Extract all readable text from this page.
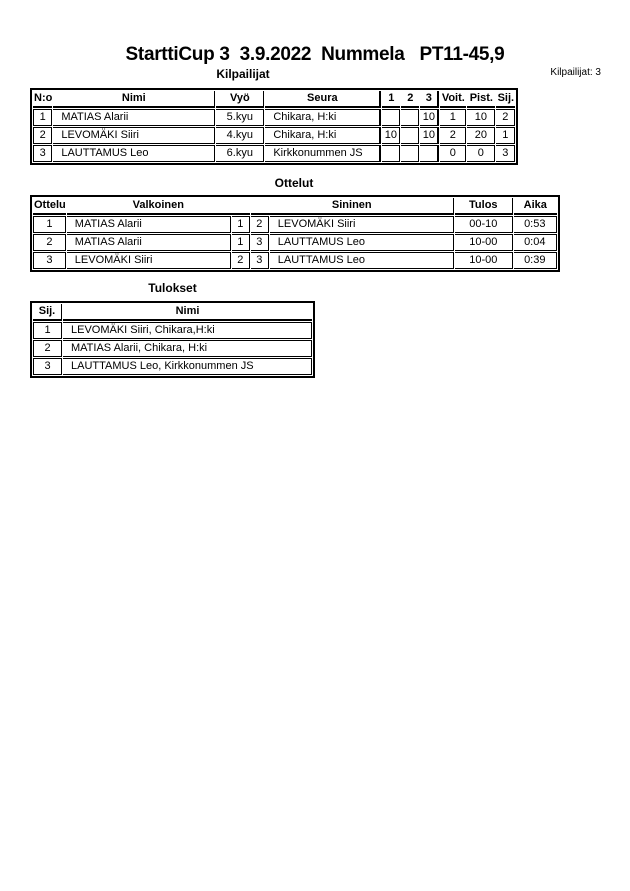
StarttiCup 3  3.9.2022  Nummela   PT11-45,9
Kilpailijat	Kilpailijat: 3
N:o	Nimi	Vyö	Seura	1	2	3	Voit.	Pist.	Sij.
1	MATIAS Alarii	5.kyu	Chikara, H:ki			10	1	10	2
2	LEVOMÄKI Siiri	4.kyu	Chikara, H:ki	10		10	2	20	1
3	LAUTTAMUS Leo	6.kyu	Kirkkonummen JS				0	0	3
Ottelut
Ottelu	Valkoinen		Sininen		Tulos	Aika
1	MATIAS Alarii	1	2	LEVOMÄKI Siiri	00-10	0:53
2	MATIAS Alarii	1	3	LAUTTAMUS Leo	10-00	0:04
3	LEVOMÄKI Siiri	2	3	LAUTTAMUS Leo	10-00	0:39
Tulokset
Sij.	Nimi
1	LEVOMÄKI Siiri, Chikara,H:ki
2	MATIAS Alarii, Chikara, H:ki
3	LAUTTAMUS Leo, Kirkkonummen JS
